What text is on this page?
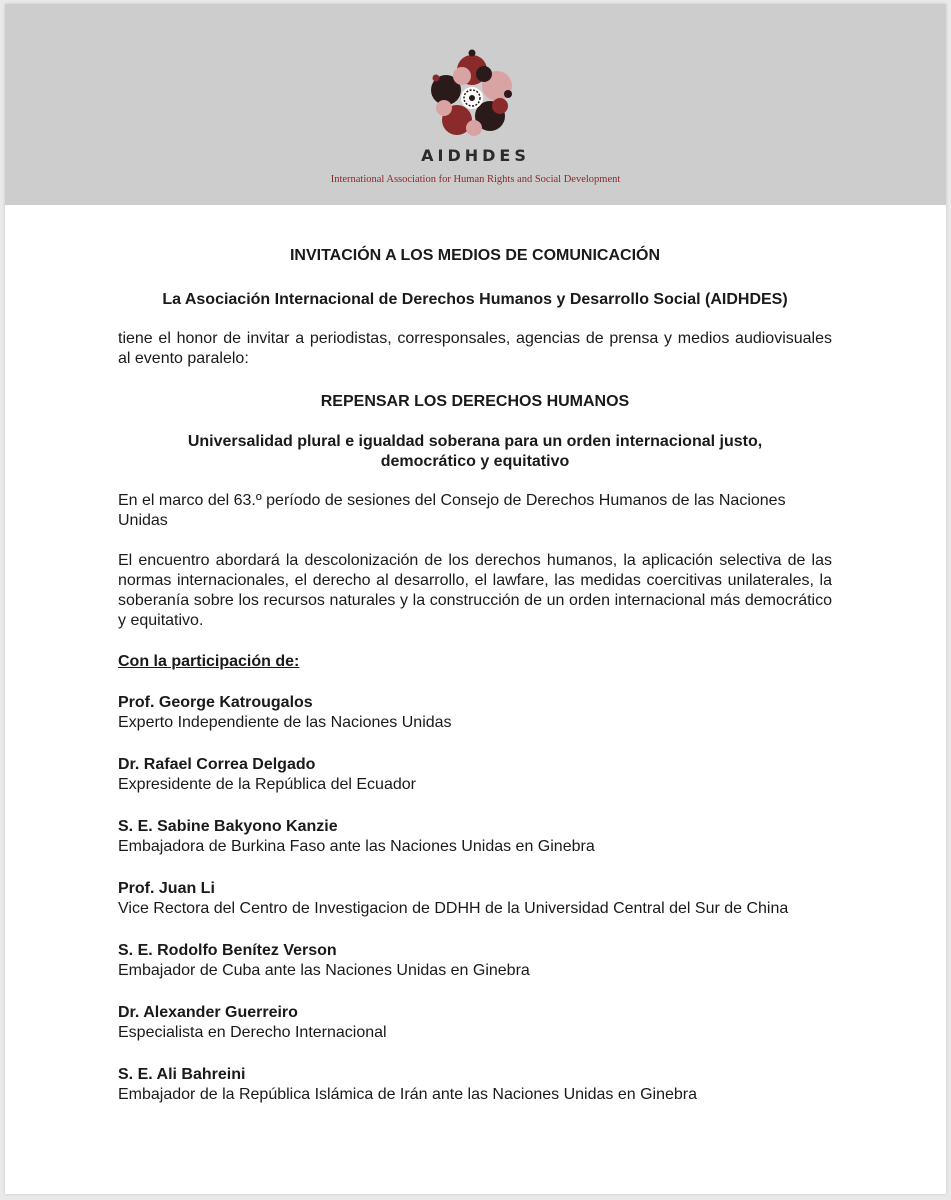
AIDHDES
International Association for Human Rights and Social Development

INVITACIÓN A LOS MEDIOS DE COMUNICACIÓN

La Asociación Internacional de Derechos Humanos y Desarrollo Social (AIDHDES)

tiene el honor de invitar a periodistas, corresponsales, agencias de prensa y medios audiovisuales al evento paralelo:

REPENSAR LOS DERECHOS HUMANOS

Universalidad plural e igualdad soberana para un orden internacional justo,
democrático y equitativo

En el marco del 63.º período de sesiones del Consejo de Derechos Humanos de las Naciones Unidas

El encuentro abordará la descolonización de los derechos humanos, la aplicación selectiva de las normas internacionales, el derecho al desarrollo, el lawfare, las medidas coercitivas unilaterales, la soberanía sobre los recursos naturales y la construcción de un orden internacional más democrático y equitativo.

Con la participación de:

Prof. George Katrougalos
Experto Independiente de las Naciones Unidas
Dr. Rafael Correa Delgado
Expresidente de la República del Ecuador
S. E. Sabine Bakyono Kanzie
Embajadora de Burkina Faso ante las Naciones Unidas en Ginebra
Prof. Juan Li
Vice Rectora del Centro de Investigacion de DDHH de la Universidad Central del Sur de China
S. E. Rodolfo Benítez Verson
Embajador de Cuba ante las Naciones Unidas en Ginebra
Dr. Alexander Guerreiro
Especialista en Derecho Internacional
S. E. Ali Bahreini
Embajador de la República Islámica de Irán ante las Naciones Unidas en Ginebra
